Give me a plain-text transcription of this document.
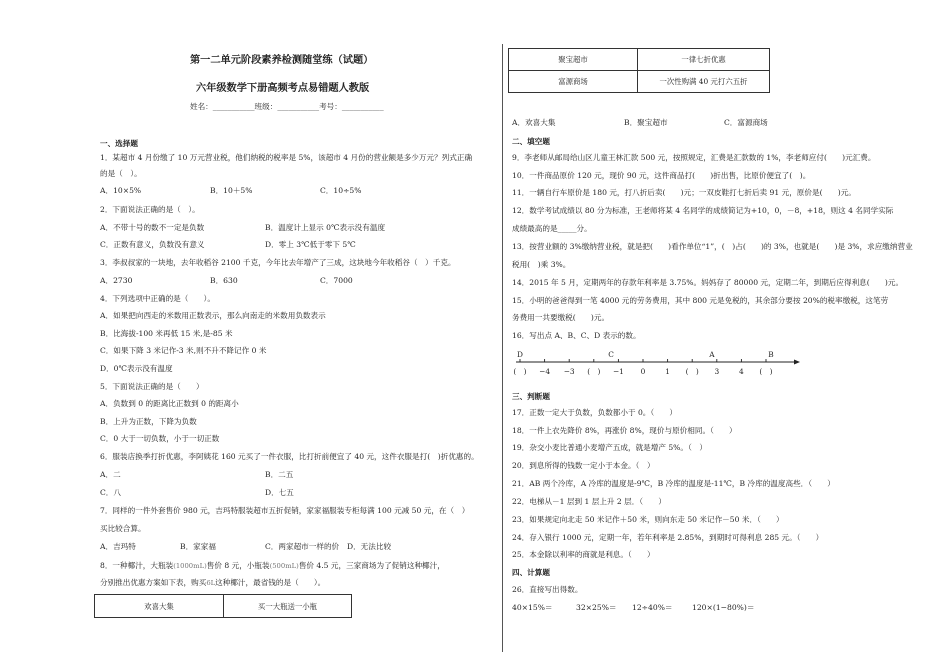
第一二单元阶段素养检测随堂练（试题）
六年级数学下册高频考点易错题人教版
姓名：___________班级：___________考号：___________
一、选择题
1．某超市 4 月份缴了 10 万元营业税，他们纳税的税率是 5%，该超市 4 月份的营业额是多少万元？列式正确
的是（　）。
A．10×5%	B．10＋5%	C．10÷5%
2．下面说法正确的是（　）。
A．不带十号的数不一定是负数	B．温度计上显示 0℃表示没有温度
C．正数有意义，负数没有意义	D．零上 3℃低于零下 5℃
3．李叔叔家的一块地，去年收稻谷 2100 千克，今年比去年增产了三成，这块地今年收稻谷（　）千克。
A．2730	B．630	C．7000
4．下列选项中正确的是（　　）。
A．如果把向西走的米数用正数表示，那么向南走的米数用负数表示
B．比海拔-100 米再低 15 米,是-85 米
C．如果下降 3 米记作-3 米,则不升不降记作 0 米
D．0℃表示没有温度
5．下面说法正确的是（　　）
A．负数到 0 的距离比正数到 0 的距离小
B．上升为正数，下降为负数
C．0 大于一切负数，小于一切正数
6．服装店换季打折优惠，李阿姨花 160 元买了一件衣服，比打折前便宜了 40 元，这件衣服是打(　)折优惠的。
A．二	B．二五
C．八	D．七五
7．同样的一件外套售价 980 元，吉玛特服装超市五折促销，家家福服装专柜每满 100 元减 50 元，在（　）
买比较合算。
A．吉玛特	B．家家福	C．两家超市一样的价 D．无法比较
8．一种椰汁，大瓶装(1000mL)售价 8 元，小瓶装(500mL)售价 4.5 元，三家商场为了促销这种椰汁，
分别推出优惠方案如下表，购买6L这种椰汁，最省钱的是（　　）。
欢喜大集	买一大瓶送一小瓶
聚宝超市	一律七折优惠
富源商场	一次性购满 40 元打六五折
A．欢喜大集	B．聚宝超市	C．富源商场
二、填空题
9．李老师从邮局给山区儿童王林汇款 500 元，按照规定，汇费是汇款数的 1%，李老师应付(　　)元汇费。
10．一件商品原价 120 元，现价 90 元，这件商品打(　　)折出售，比原价便宜了(　)。
11．一辆自行车原价是 180 元，打八折后卖(　　)元；一双皮鞋打七折后卖 91 元，原价是(　　)元。
12．数学考试成绩以 80 分为标准，王老师将某 4 名同学的成绩简记为+10，0，－8，+18，则这 4 名同学实际
成绩最高的是_____分。
13．按营业额的 3%缴纳营业税，就是把(　　)看作单位“1”，(　)占(　　)的 3%，也就是(　　)是 3%，求应缴纳营业
税用(　)乘 3%。
14．2015 年 5 月，定期两年的存款年利率是 3.75%。妈妈存了 80000 元，定期二年，到期后应得利息(　　)元。
15．小明的爸爸得到一笔 4000 元的劳务费用，其中 800 元是免税的，其余部分要按 20%的税率缴税，这笔劳
务费用一共要缴税(　　)元。
16．写出点 A、B、C、D 表示的数。
(　) −4 −3 (　) −1 0	1 (　) 3	4 (　)
D	C	A	B
三、判断题
17．正数一定大于负数，负数都小于 0。（　　）
18．一件上衣先降价 8%，再涨价 8%，现价与原价相同。（　　）
19．杂交小麦比普通小麦增产五成，就是增产 5%。（　）
20．到息所得的钱数一定小于本金。（　）
21．AB 两个冷库，A 冷库的温度是-9℃，B 冷库的温度是-11℃，B 冷库的温度高些．（　　）
22．电梯从－1 层到 1 层上升 2 层．（　　）
23．如果规定向北走 50 米记作＋50 米，则向东走 50 米记作－50 米．（　　）
24．存入银行 1000 元，定期一年，若年利率是 2.85%，到期时可得利息 285 元。（　　）
25．本金除以利率的商就是利息。（　　）
四、计算题
26．直接写出得数。
40×15%＝	32×25%＝ 12÷40%＝	120×(1−80%)＝
